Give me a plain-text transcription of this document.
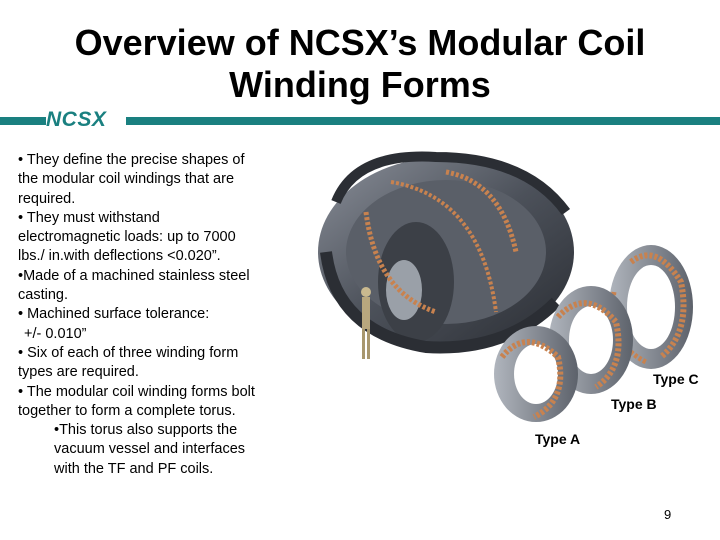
Overview of NCSX’s Modular Coil
Winding Forms
NCSX

• They define the precise shapes of

the modular coil windings that are

required.

• They must withstand

electromagnetic loads: up to 7000

lbs./ in.with deflections <0.020”.

•Made of a machined stainless steel

casting.

• Machined surface tolerance:

+/- 0.010”

• Six of each of three winding form

types are required.

• The modular coil winding forms bolt

together to form a complete torus.

•This torus also supports the

vacuum vessel and interfaces

with the TF and PF coils.

Type C
Type B
Type A
9
